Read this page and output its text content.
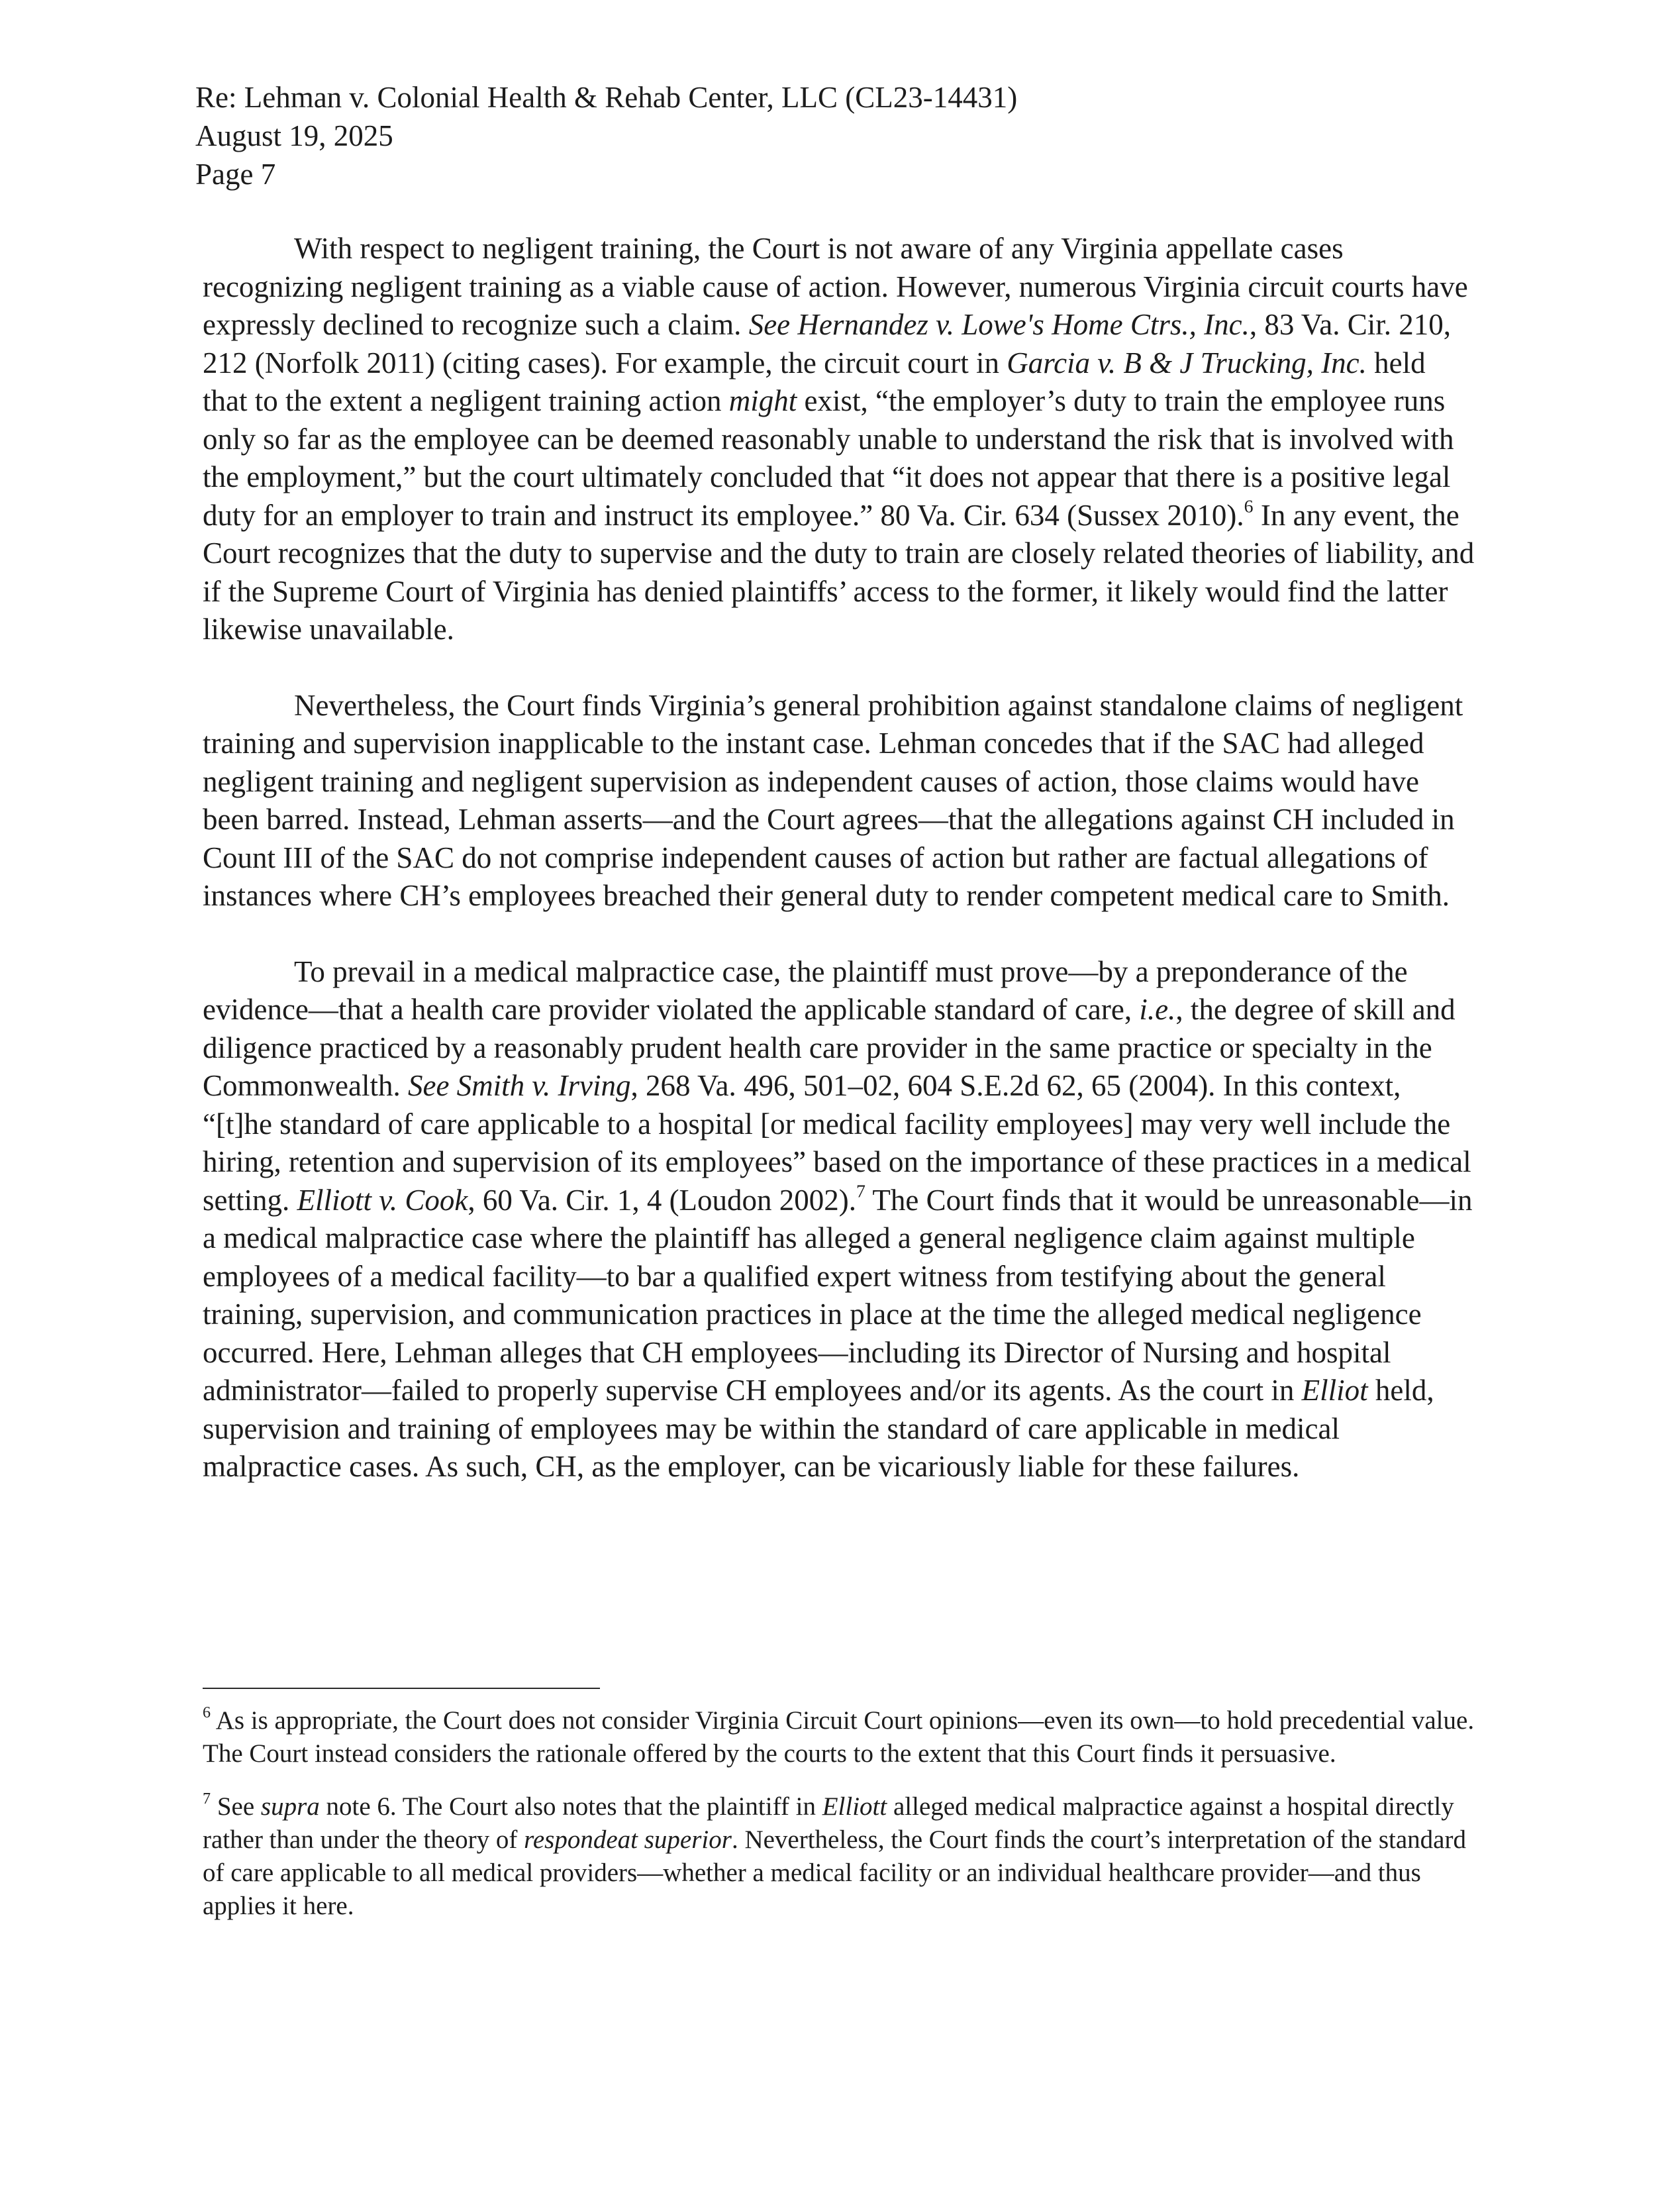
Re: Lehman v. Colonial Health & Rehab Center, LLC (CL23-14431)
August 19, 2025
Page 7

With respect to negligent training, the Court is not aware of any Virginia appellate cases recognizing negligent training as a viable cause of action. However, numerous Virginia circuit courts have expressly declined to recognize such a claim. See Hernandez v. Lowe's Home Ctrs., Inc., 83 Va. Cir. 210, 212 (Norfolk 2011) (citing cases). For example, the circuit court in Garcia v. B & J Trucking, Inc. held that to the extent a negligent training action might exist, “the employer’s duty to train the employee runs only so far as the employee can be deemed reasonably unable to understand the risk that is involved with the employment,” but the court ultimately concluded that “it does not appear that there is a positive legal duty for an employer to train and instruct its employee.” 80 Va. Cir. 634 (Sussex 2010).$^6$ In any event, the Court recognizes that the duty to supervise and the duty to train are closely related theories of liability, and if the Supreme Court of Virginia has denied plaintiffs’ access to the former, it likely would find the latter likewise unavailable.

Nevertheless, the Court finds Virginia’s general prohibition against standalone claims of negligent training and supervision inapplicable to the instant case. Lehman concedes that if the SAC had alleged negligent training and negligent supervision as independent causes of action, those claims would have been barred. Instead, Lehman asserts—and the Court agrees—that the allegations against CH included in Count III of the SAC do not comprise independent causes of action but rather are factual allegations of instances where CH’s employees breached their general duty to render competent medical care to Smith.

To prevail in a medical malpractice case, the plaintiff must prove—by a preponderance of the evidence—that a health care provider violated the applicable standard of care, i.e., the degree of skill and diligence practiced by a reasonably prudent health care provider in the same practice or specialty in the Commonwealth. See Smith v. Irving, 268 Va. 496, 501–02, 604 S.E.2d 62, 65 (2004). In this context, “[t]he standard of care applicable to a hospital [or medical facility employees] may very well include the hiring, retention and supervision of its employees” based on the importance of these practices in a medical setting. Elliott v. Cook, 60 Va. Cir. 1, 4 (Loudon 2002).$^7$ The Court finds that it would be unreasonable—in a medical malpractice case where the plaintiff has alleged a general negligence claim against multiple employees of a medical facility—to bar a qualified expert witness from testifying about the general training, supervision, and communication practices in place at the time the alleged medical negligence occurred. Here, Lehman alleges that CH employees—including its Director of Nursing and hospital administrator—failed to properly supervise CH employees and/or its agents. As the court in Elliot held, supervision and training of employees may be within the standard of care applicable in medical malpractice cases. As such, CH, as the employer, can be vicariously liable for these failures.

$^6$ As is appropriate, the Court does not consider Virginia Circuit Court opinions—even its own—to hold precedential value. The Court instead considers the rationale offered by the courts to the extent that this Court finds it persuasive.

$^7$ See supra note 6. The Court also notes that the plaintiff in Elliott alleged medical malpractice against a hospital directly rather than under the theory of respondeat superior. Nevertheless, the Court finds the court’s interpretation of the standard of care applicable to all medical providers—whether a medical facility or an individual healthcare provider—and thus applies it here.
